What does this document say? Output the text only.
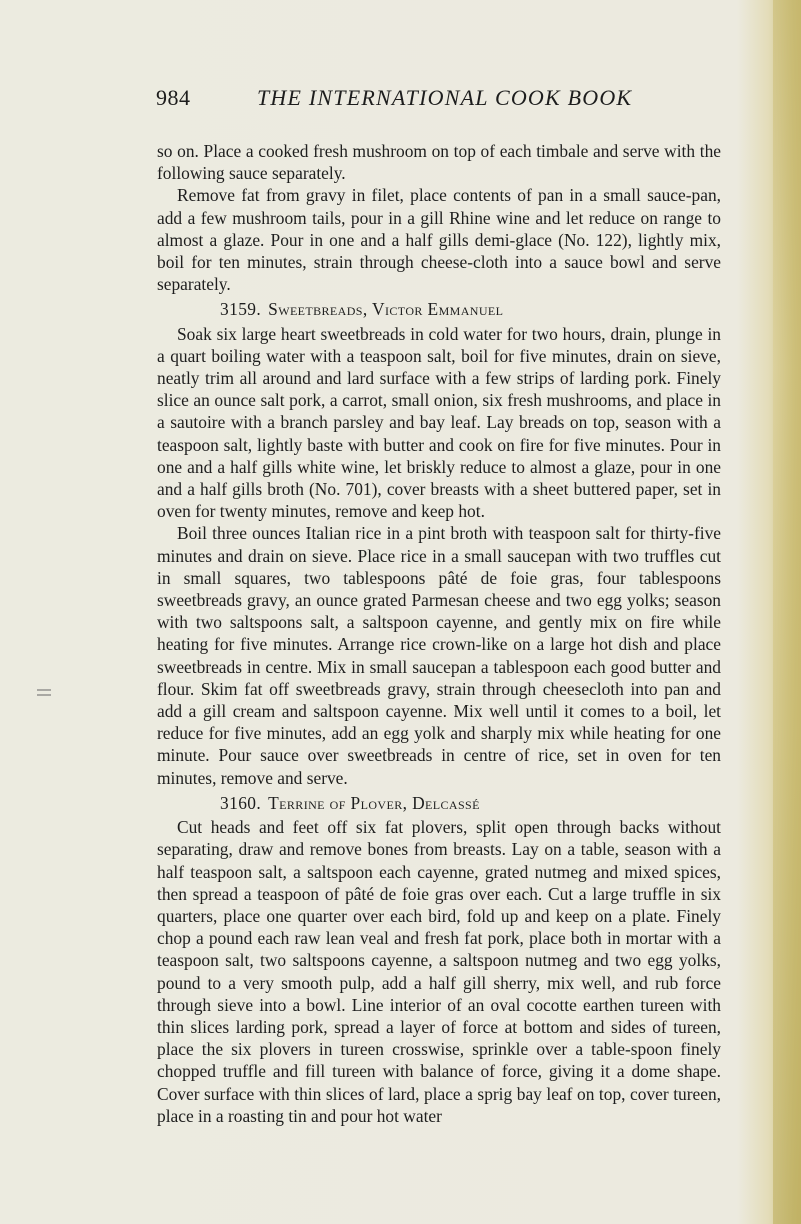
984	THE INTERNATIONAL COOK BOOK

so on. Place a cooked fresh mushroom on top of each timbale and serve with the following sauce separately.

Remove fat from gravy in filet, place contents of pan in a small sauce-pan, add a few mushroom tails, pour in a gill Rhine wine and let reduce on range to almost a glaze. Pour in one and a half gills demi-glace (No. 122), lightly mix, boil for ten minutes, strain through cheese-cloth into a sauce bowl and serve separately.

3159. Sweetbreads, Victor Emmanuel

Soak six large heart sweetbreads in cold water for two hours, drain, plunge in a quart boiling water with a teaspoon salt, boil for five minutes, drain on sieve, neatly trim all around and lard surface with a few strips of larding pork. Finely slice an ounce salt pork, a carrot, small onion, six fresh mushrooms, and place in a sautoire with a branch parsley and bay leaf. Lay breads on top, season with a teaspoon salt, lightly baste with butter and cook on fire for five minutes. Pour in one and a half gills white wine, let briskly reduce to almost a glaze, pour in one and a half gills broth (No. 701), cover breasts with a sheet buttered paper, set in oven for twenty minutes, remove and keep hot.

Boil three ounces Italian rice in a pint broth with teaspoon salt for thirty-five minutes and drain on sieve. Place rice in a small saucepan with two truffles cut in small squares, two tablespoons pâté de foie gras, four tablespoons sweetbreads gravy, an ounce grated Parmesan cheese and two egg yolks; season with two saltspoons salt, a saltspoon cayenne, and gently mix on fire while heating for five minutes. Arrange rice crown-like on a large hot dish and place sweetbreads in centre. Mix in small saucepan a tablespoon each good butter and flour. Skim fat off sweetbreads gravy, strain through cheesecloth into pan and add a gill cream and saltspoon cayenne. Mix well until it comes to a boil, let reduce for five minutes, add an egg yolk and sharply mix while heating for one minute. Pour sauce over sweetbreads in centre of rice, set in oven for ten minutes, remove and serve.

3160. Terrine of Plover, Delcassé

Cut heads and feet off six fat plovers, split open through backs without separating, draw and remove bones from breasts. Lay on a table, season with a half teaspoon salt, a saltspoon each cayenne, grated nutmeg and mixed spices, then spread a teaspoon of pâté de foie gras over each. Cut a large truffle in six quarters, place one quarter over each bird, fold up and keep on a plate. Finely chop a pound each raw lean veal and fresh fat pork, place both in mortar with a teaspoon salt, two saltspoons cayenne, a saltspoon nutmeg and two egg yolks, pound to a very smooth pulp, add a half gill sherry, mix well, and rub force through sieve into a bowl. Line interior of an oval cocotte earthen tureen with thin slices larding pork, spread a layer of force at bottom and sides of tureen, place the six plovers in tureen crosswise, sprinkle over a table-spoon finely chopped truffle and fill tureen with balance of force, giving it a dome shape. Cover surface with thin slices of lard, place a sprig bay leaf on top, cover tureen, place in a roasting tin and pour hot water
